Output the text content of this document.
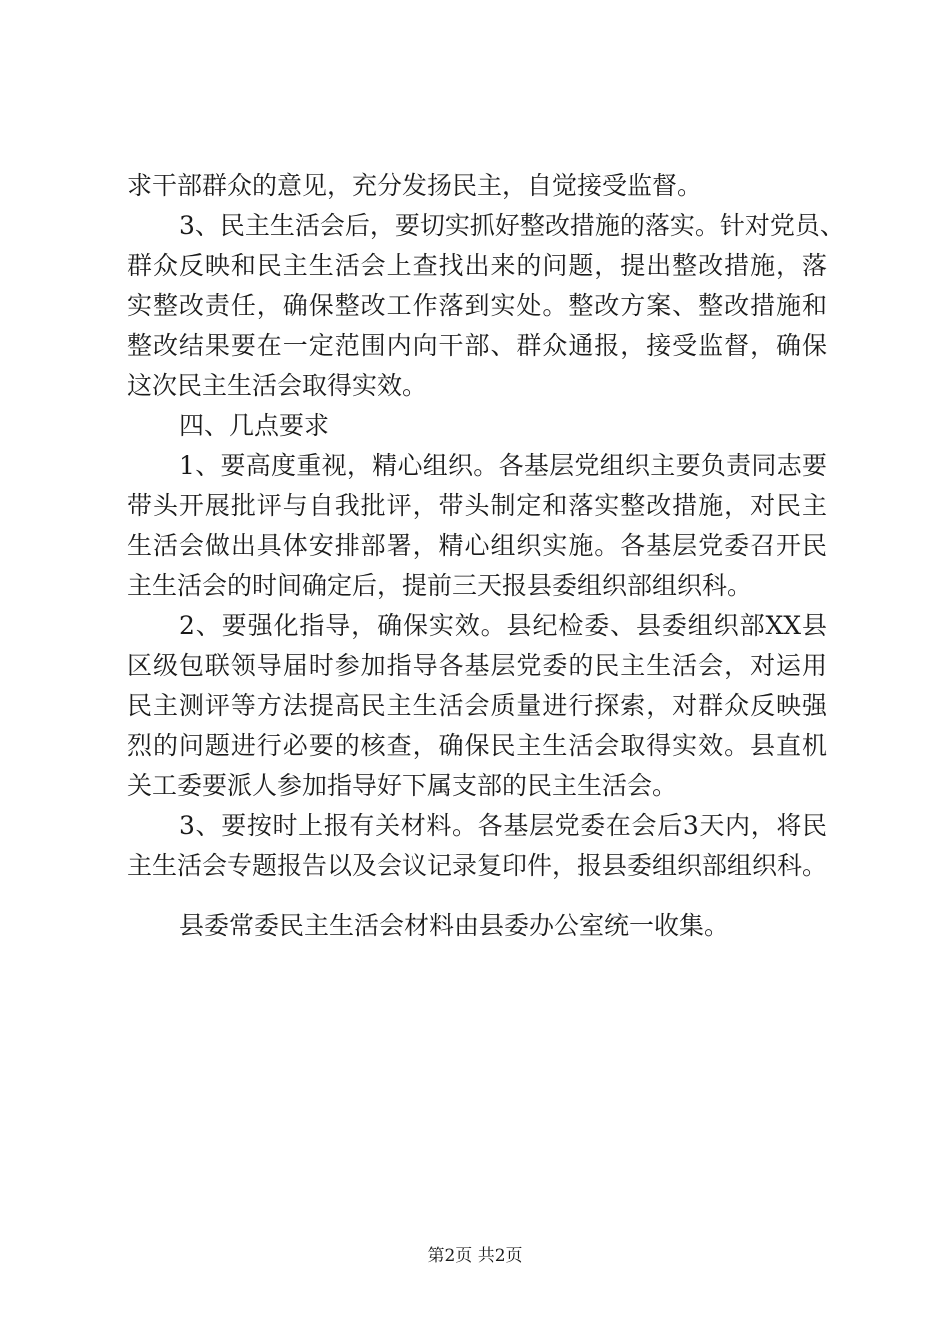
求干部群众的意见，充分发扬民主，自觉接受监督。
3、民主生活会后，要切实抓好整改措施的落实。针对党员、
群众反映和民主生活会上查找出来的问题，提出整改措施，落
实整改责任，确保整改工作落到实处。整改方案、整改措施和
整改结果要在一定范围内向干部、群众通报，接受监督，确保
这次民主生活会取得实效。
四、几点要求
1、要高度重视，精心组织。各基层党组织主要负责同志要
带头开展批评与自我批评，带头制定和落实整改措施，对民主
生活会做出具体安排部署，精心组织实施。各基层党委召开民
主生活会的时间确定后，提前三天报县委组织部组织科。
2、要强化指导，确保实效。县纪检委、县委组织部XX县
区级包联领导届时参加指导各基层党委的民主生活会，对运用
民主测评等方法提高民主生活会质量进行探索，对群众反映强
烈的问题进行必要的核查，确保民主生活会取得实效。县直机
关工委要派人参加指导好下属支部的民主生活会。
3、要按时上报有关材料。各基层党委在会后3天内，将民
主生活会专题报告以及会议记录复印件，报县委组织部组织科。
县委常委民主生活会材料由县委办公室统一收集。
第2页 共2页
